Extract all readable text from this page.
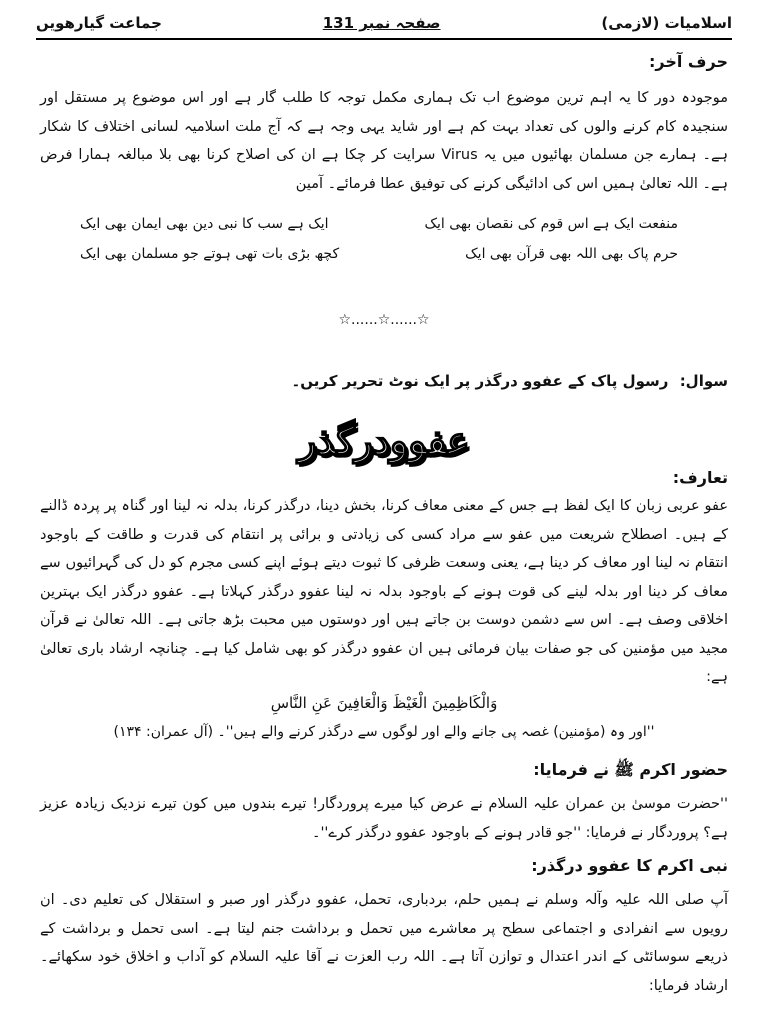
اسلامیات (لازمی)
صفحہ نمبر 131
جماعت گیارھویں
حرف آخر:
موجودہ دور کا یہ اہم ترین موضوع اب تک ہماری مکمل توجہ کا طلب گار ہے اور اس موضوع پر مستقل اور سنجیدہ کام کرنے والوں کی تعداد بہت کم ہے اور شاید یہی وجہ ہے کہ آج ملت اسلامیہ لسانی اختلاف کا شکار ہے۔ ہمارے جن مسلمان بھائیوں میں یہ Virus سرایت کر چکا ہے ان کی اصلاح کرنا بھی بلا مبالغہ ہمارا فرض ہے۔ اللہ تعالیٰ ہمیں اس کی ادائیگی کرنے کی توفیق عطا فرمائے۔ آمین
منفعت ایک ہے اس قوم کی نقصان بھی ایک
ایک ہے سب کا نبی دین بھی ایمان بھی ایک
حرم پاک بھی اللہ بھی قرآن بھی ایک
کچھ بڑی بات تھی ہوتے جو مسلمان بھی ایک
☆......☆......☆
سوال: رسول پاک کے عفوو درگذر پر ایک نوٹ تحریر کریں۔
عفوودرگذر
تعارف:
عفو عربی زبان کا ایک لفظ ہے جس کے معنی معاف کرنا، بخش دینا، درگذر کرنا، بدلہ نہ لینا اور گناہ پر پردہ ڈالنے کے ہیں۔ اصطلاح شریعت میں عفو سے مراد کسی کی زیادتی و برائی پر انتقام کی قدرت و طاقت کے باوجود انتقام نہ لینا اور معاف کر دینا ہے، یعنی وسعت ظرفی کا ثبوت دیتے ہوئے اپنے کسی مجرم کو دل کی گہرائیوں سے معاف کر دینا اور بدلہ لینے کی قوت ہونے کے باوجود بدلہ نہ لینا عفوو درگذر کہلاتا ہے۔ عفوو درگذر ایک بہترین اخلاقی وصف ہے۔ اس سے دشمن دوست بن جاتے ہیں اور دوستوں میں محبت بڑھ جاتی ہے۔ اللہ تعالیٰ نے قرآن مجید میں مؤمنین کی جو صفات بیان فرمائی ہیں ان عفوو درگذر کو بھی شامل کیا ہے۔ چنانچہ ارشاد باری تعالیٰ ہے:
وَالْكَاظِمِينَ الْغَيْظَ وَالْعَافِينَ عَنِ النَّاسِ
''اور وہ (مؤمنین) غصہ پی جانے والے اور لوگوں سے درگذر کرنے والے ہیں''۔ (آل عمران: ۱۳۴)
حضور اکرم ﷺ نے فرمایا:
''حضرت موسیٰ بن عمران علیہ السلام نے عرض کیا میرے پروردگار! تیرے بندوں میں کون تیرے نزدیک زیادہ عزیز ہے؟ پروردگار نے فرمایا: ''جو قادر ہونے کے باوجود عفوو درگذر کرے''۔
نبی اکرم کا عفوو درگذر:
آپ صلی اللہ علیہ وآلہ وسلم نے ہمیں حلم، بردباری، تحمل، عفوو درگذر اور صبر و استقلال کی تعلیم دی۔ ان رویوں سے انفرادی و اجتماعی سطح پر معاشرے میں تحمل و برداشت جنم لیتا ہے۔ اسی تحمل و برداشت کے ذریعے سوسائٹی کے اندر اعتدال و توازن آتا ہے۔ اللہ رب العزت نے آقا علیہ السلام کو آداب و اخلاق خود سکھائے۔ ارشاد فرمایا:
